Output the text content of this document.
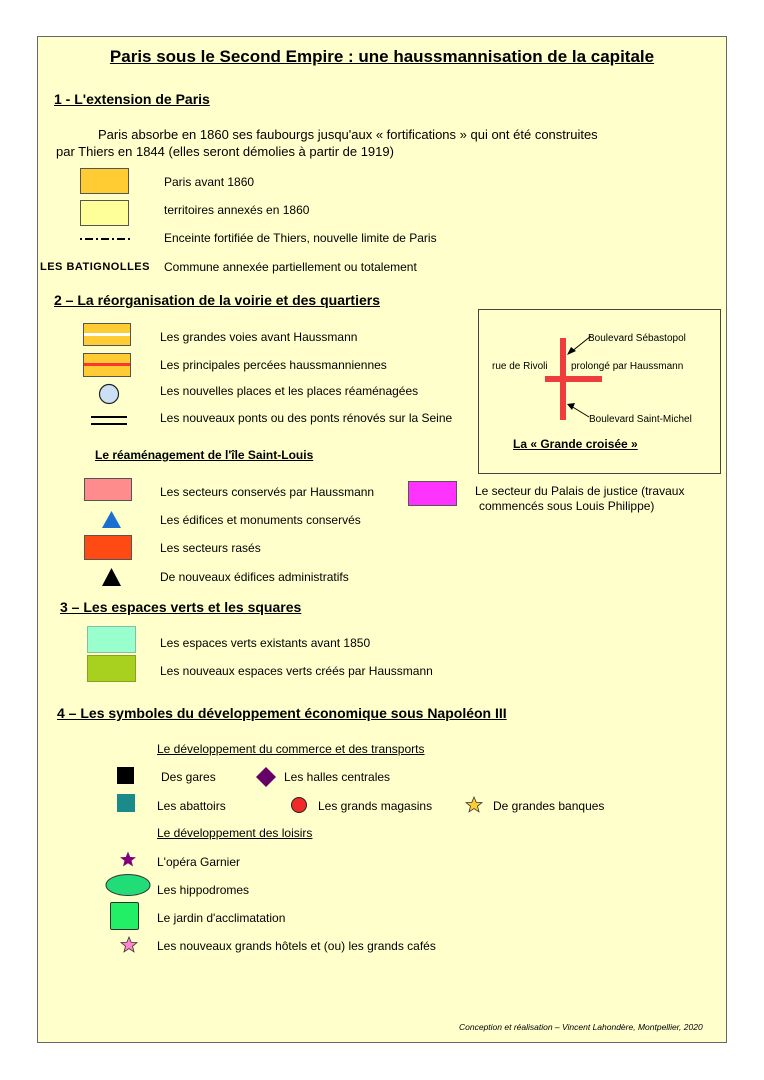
Paris sous le Second Empire : une haussmannisation de la capitale
1 - L'extension de Paris
Paris absorbe en 1860 ses faubourgs jusqu'aux « fortifications » qui ont été construites
par Thiers en 1844 (elles seront démolies à partir de 1919)
Paris avant 1860
territoires annexés en 1860
Enceinte fortifiée de Thiers, nouvelle limite de Paris
LES BATIGNOLLES Commune annexée partiellement ou totalement
2 – La réorganisation de la voirie et des quartiers
Les grandes voies avant Haussmann
Les principales percées haussmanniennes
Les nouvelles places et les places réaménagées
Les nouveaux ponts ou des ponts rénovés sur la Seine
Boulevard Sébastopol
rue de Rivoli prolongé par Haussmann
Boulevard Saint-Michel
La « Grande croisée »
Le réaménagement de l'île Saint-Louis
Les secteurs conservés par Haussmann
Les édifices et monuments conservés
Les secteurs rasés
De nouveaux édifices administratifs
Le secteur du Palais de justice (travaux
commencés sous Louis Philippe)
3 – Les espaces verts et les squares
Les espaces verts existants avant 1850
Les nouveaux espaces verts créés par Haussmann
4 – Les symboles du développement économique sous Napoléon III
Le développement du commerce et des transports
Des gares	Les halles centrales
Les abattoirs	Les grands magasins	De grandes banques
Le développement des loisirs
L'opéra Garnier
Les hippodromes
Le jardin d'acclimatation
Les nouveaux grands hôtels et (ou) les grands cafés
Conception et réalisation – Vincent Lahondère, Montpellier, 2020
